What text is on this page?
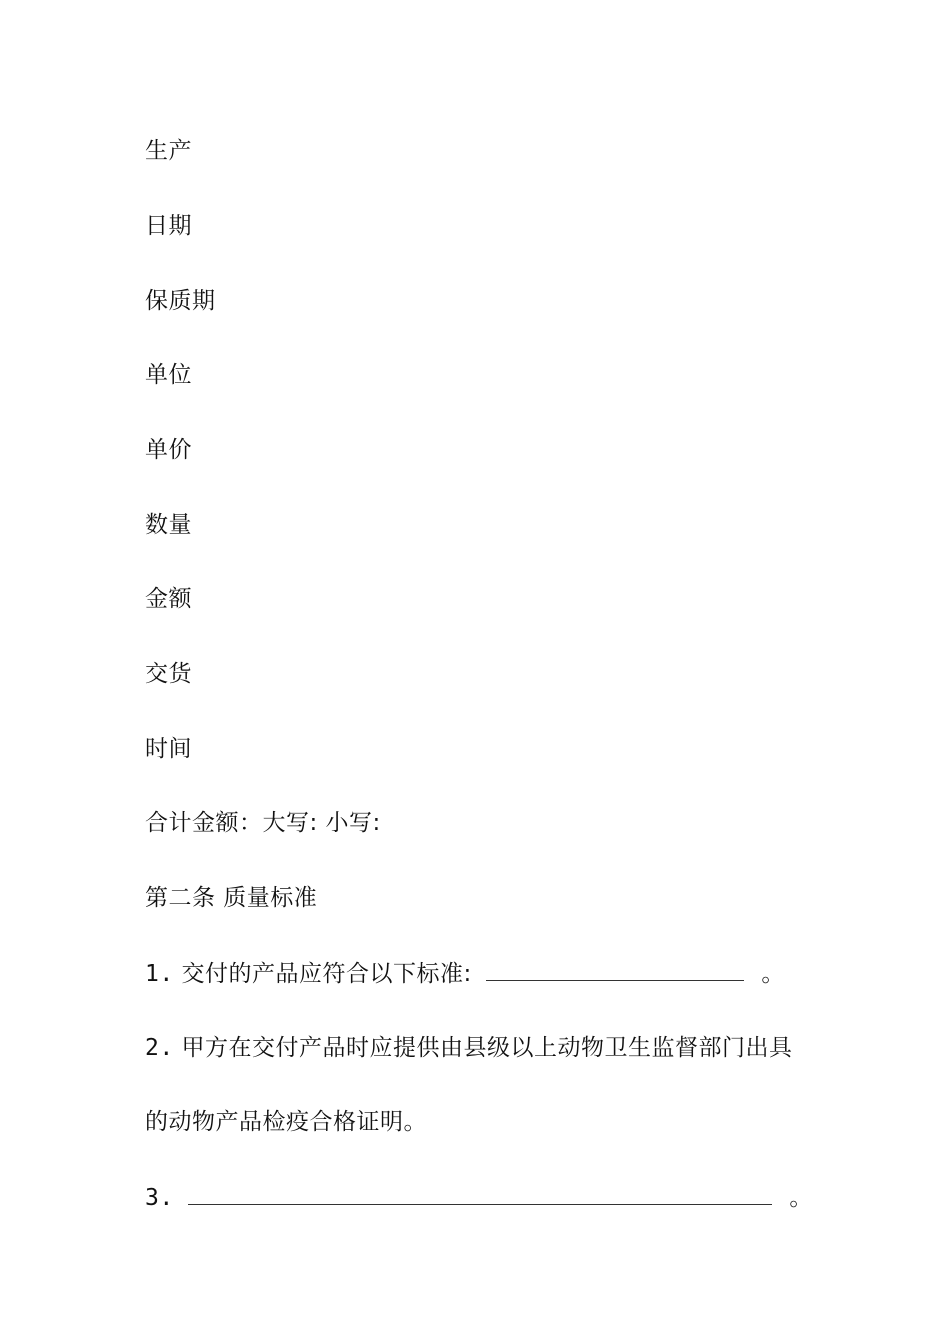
生产
日期
保质期
单位
单价
数量
金额
交货
时间
合计金额：大写: 小写:
第二条 质量标准
1. 交付的产品应符合以下标准:	。
2. 甲方在交付产品时应提供由县级以上动物卫生监督部门出具
的动物产品检疫合格证明。
3.	。
